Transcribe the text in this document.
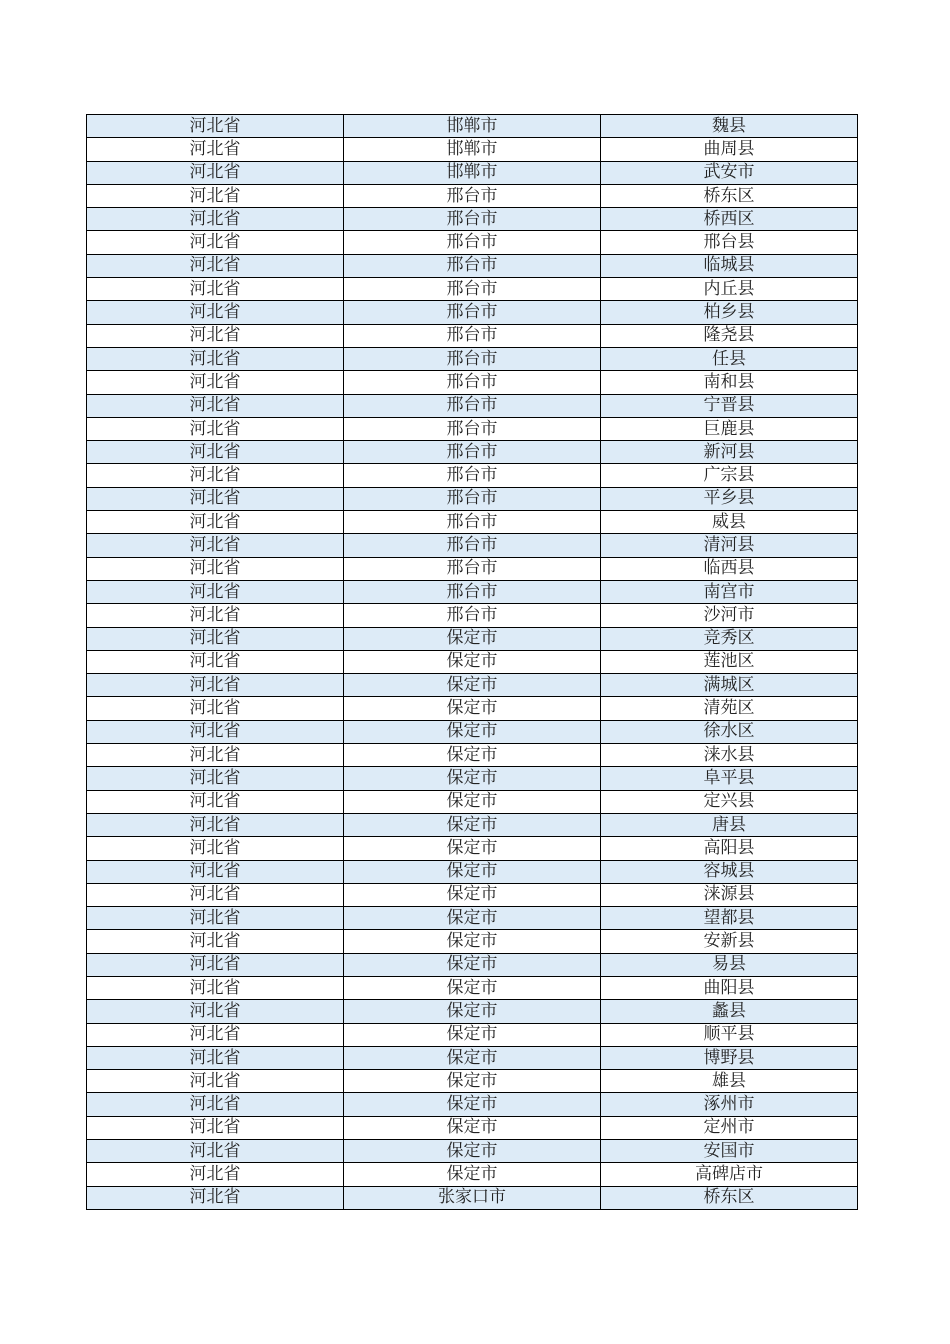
河北省	邯郸市	魏县
河北省	邯郸市	曲周县
河北省	邯郸市	武安市
河北省	邢台市	桥东区
河北省	邢台市	桥西区
河北省	邢台市	邢台县
河北省	邢台市	临城县
河北省	邢台市	内丘县
河北省	邢台市	柏乡县
河北省	邢台市	隆尧县
河北省	邢台市	任县
河北省	邢台市	南和县
河北省	邢台市	宁晋县
河北省	邢台市	巨鹿县
河北省	邢台市	新河县
河北省	邢台市	广宗县
河北省	邢台市	平乡县
河北省	邢台市	威县
河北省	邢台市	清河县
河北省	邢台市	临西县
河北省	邢台市	南宫市
河北省	邢台市	沙河市
河北省	保定市	竞秀区
河北省	保定市	莲池区
河北省	保定市	满城区
河北省	保定市	清苑区
河北省	保定市	徐水区
河北省	保定市	涞水县
河北省	保定市	阜平县
河北省	保定市	定兴县
河北省	保定市	唐县
河北省	保定市	高阳县
河北省	保定市	容城县
河北省	保定市	涞源县
河北省	保定市	望都县
河北省	保定市	安新县
河北省	保定市	易县
河北省	保定市	曲阳县
河北省	保定市	蠡县
河北省	保定市	顺平县
河北省	保定市	博野县
河北省	保定市	雄县
河北省	保定市	涿州市
河北省	保定市	定州市
河北省	保定市	安国市
河北省	保定市	高碑店市
河北省	张家口市	桥东区
